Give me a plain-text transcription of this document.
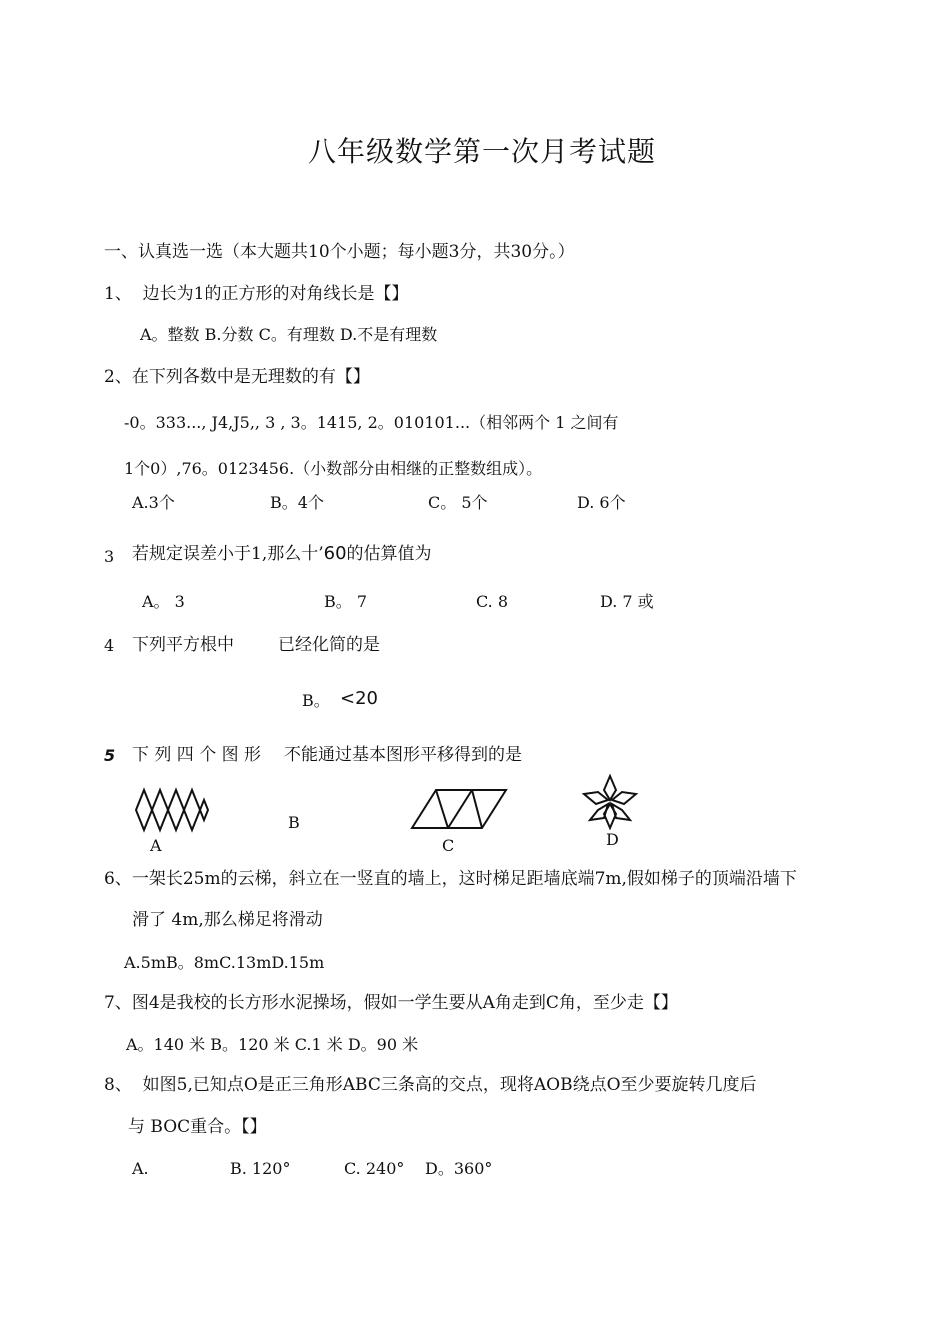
八年级数学第一次月考试题
一、认真选一选（本大题共10个小题；每小题3分，共30分。）
1、  边长为1的正方形的对角线长是【】
A。整数 B.分数 C。有理数 D.不是有理数
2、在下列各数中是无理数的有【】
-0。333..., J4,J5,, 3 , 3。1415, 2。010101...（相邻两个 1 之间有
1个0）,76。0123456.（小数部分由相继的正整数组成）。
A.3个	B。4个	C。 5个	D. 6个
3 若规定误差小于1,那么十’60的估算值为
A。 3	B。 7	C. 8	D. 7 或
4 下列平方根中	已经化简的是
B。 <20
5 下 列 四 个 图 形 不能通过基本图形平移得到的是
A
B
C	D
6、一架长25m的云梯，斜立在一竖直的墙上，这时梯足距墙底端7m,假如梯子的顶端沿墙下
滑了 4m,那么梯足将滑动
A.5mB。8mC.13mD.15m
7、图4是我校的长方形水泥操场，假如一学生要从A角走到C角，至少走【】
A。140 米 B。120 米 C.1 米 D。90 米
8、  如图5,已知点O是正三角形ABC三条高的交点，现将AOB绕点O至少要旋转几度后
与 BOC重合。【】
A.	B. 120°	C. 240° D。360°
